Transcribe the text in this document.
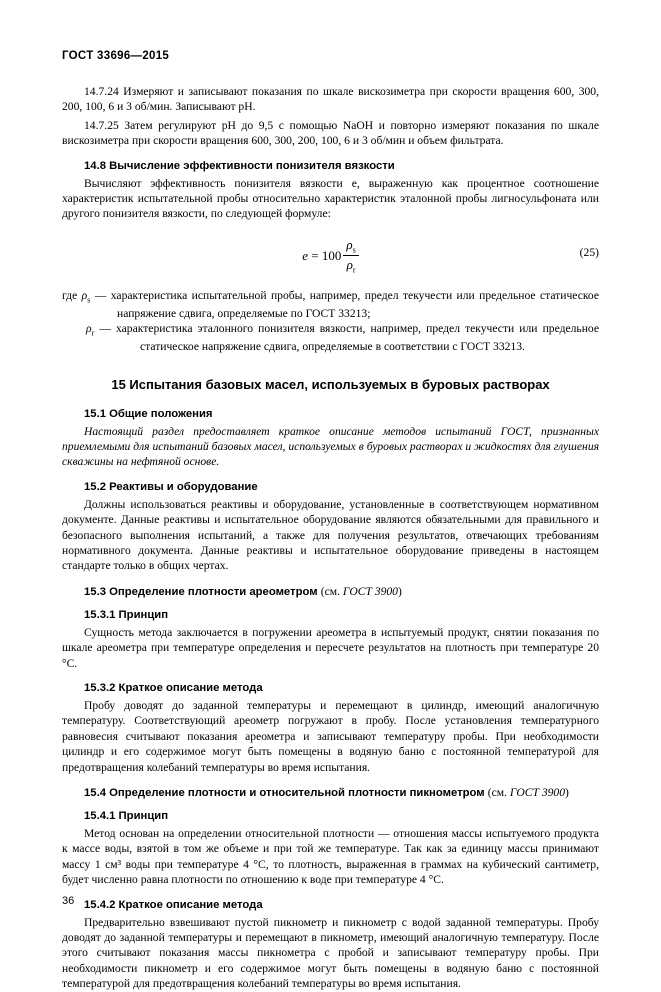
ГОСТ 33696—2015

14.7.24 Измеряют и записывают показания по шкале вискозиметра при скорости вращения 600, 300, 200, 100, 6 и 3 об/мин. Записывают pH.

14.7.25 Затем регулируют pH до 9,5 с помощью NaOH и повторно измеряют показания по шкале вискозиметра при скорости вращения 600, 300, 200, 100, 6 и 3 об/мин и объем фильтрата.

14.8 Вычисление эффективности понизителя вязкости

Вычисляют эффективность понизителя вязкости e, выраженную как процентное соотношение характеристик испытательной пробы относительно характеристик эталонной пробы лигносульфоната или другого понизителя вязкости, по следующей формуле:

$e = 100 \frac{\rho_s}{\rho_r}$	(25)

где $\rho_s$ — характеристика испытательной пробы, например, предел текучести или предельное статическое напряжение сдвига, определяемые по ГОСТ 33213;

$\rho_r$ — характеристика эталонного понизителя вязкости, например, предел текучести или предельное статическое напряжение сдвига, определяемые в соответствии с ГОСТ 33213.

15 Испытания базовых масел, используемых в буровых растворах
15.1 Общие положения

Настоящий раздел предоставляет краткое описание методов испытаний ГОСТ, признанных приемлемыми для испытаний базовых масел, используемых в буровых растворах и жидкостях для глушения скважины на нефтяной основе.

15.2 Реактивы и оборудование

Должны использоваться реактивы и оборудование, установленные в соответствующем нормативном документе. Данные реактивы и испытательное оборудование являются обязательными для правильного и безопасного выполнения испытаний, а также для получения результатов, отвечающих требованиям нормативного документа. Данные реактивы и испытательное оборудование приведены в настоящем стандарте только в общих чертах.

15.3 Определение плотности ареометром (см. ГОСТ 3900)
15.3.1 Принцип

Сущность метода заключается в погружении ареометра в испытуемый продукт, снятии показания по шкале ареометра при температуре определения и пересчете результатов на плотность при температуре 20 °С.

15.3.2 Краткое описание метода

Пробу доводят до заданной температуры и перемещают в цилиндр, имеющий аналогичную температуру. Соответствующий ареометр погружают в пробу. После установления температурного равновесия считывают показания ареометра и записывают температуру пробы. При необходимости цилиндр и его содержимое могут быть помещены в водяную баню с постоянной температурой для предотвращения колебаний температуры во время испытания.

15.4 Определение плотности и относительной плотности пикнометром (см. ГОСТ 3900)
15.4.1 Принцип

Метод основан на определении относительной плотности — отношения массы испытуемого продукта к массе воды, взятой в том же объеме и при той же температуре. Так как за единицу массы принимают массу 1 см³ воды при температуре 4 °С, то плотность, выраженная в граммах на кубический сантиметр, будет численно равна плотности по отношению к воде при температуре 4 °С.

15.4.2 Краткое описание метода

Предварительно взвешивают пустой пикнометр и пикнометр с водой заданной температуры. Пробу доводят до заданной температуры и перемещают в пикнометр, имеющий аналогичную температуру. После этого считывают показания массы пикнометра с пробой и записывают температуру пробы. При необходимости пикнометр и его содержимое могут быть помещены в водяную баню с постоянной температурой для предотвращения колебаний температуры во время испытания.

36
